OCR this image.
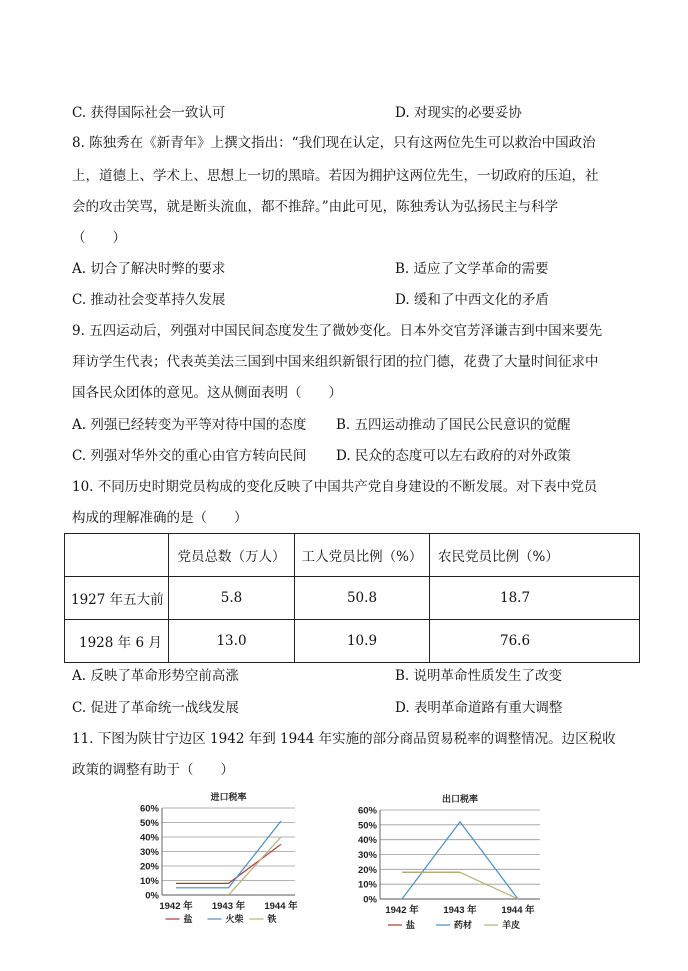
C. 获得国际社会一致认可	D. 对现实的必要妥协
8. 陈独秀在《新青年》上撰文指出：“我们现在认定，只有这两位先生可以救治中国政治
上，道德上、学术上、思想上一切的黑暗。若因为拥护这两位先生，一切政府的压迫，社
会的攻击笑骂，就是断头流血，都不推辞。”由此可见，陈独秀认为弘扬民主与科学
（　　）
A. 切合了解决时弊的要求	B. 适应了文学革命的需要
C. 推动社会变革持久发展	D. 缓和了中西文化的矛盾
9. 五四运动后，列强对中国民间态度发生了微妙变化。日本外交官芳泽谦吉到中国来要先
拜访学生代表；代表英美法三国到中国来组织新银行团的拉门德，花费了大量时间征求中
国各民众团体的意见。这从侧面表明（　　）
A. 列强已经转变为平等对待中国的态度 B. 五四运动推动了国民公民意识的觉醒
C. 列强对华外交的重心由官方转向民间 D. 民众的态度可以左右政府的对外政策
10. 不同历史时期党员构成的变化反映了中国共产党自身建设的不断发展。对下表中党员
构成的理解准确的是（　　）
	党员总数（万人）	工人党员比例（%）	农民党员比例（%）
1927 年五大前	5.8	50.8	18.7
1928 年 6 月	13.0	10.9	76.6
A. 反映了革命形势空前高涨	B. 说明革命性质发生了改变
C. 促进了革命统一战线发展	D. 表明革命道路有重大调整
11. 下图为陕甘宁边区 1942 年到 1944 年实施的部分商品贸易税率的调整情况。边区税收
政策的调整有助于（　　）
进口税率
60%
50%
40%
30%
20%
10%
0%
1942 年 1943 年 1944 年
盐	火柴	铁
出口税率
60%
50%
40%
30%
20%
10%
0%
1942 年	1943 年	1944 年
盐	药材	羊皮
